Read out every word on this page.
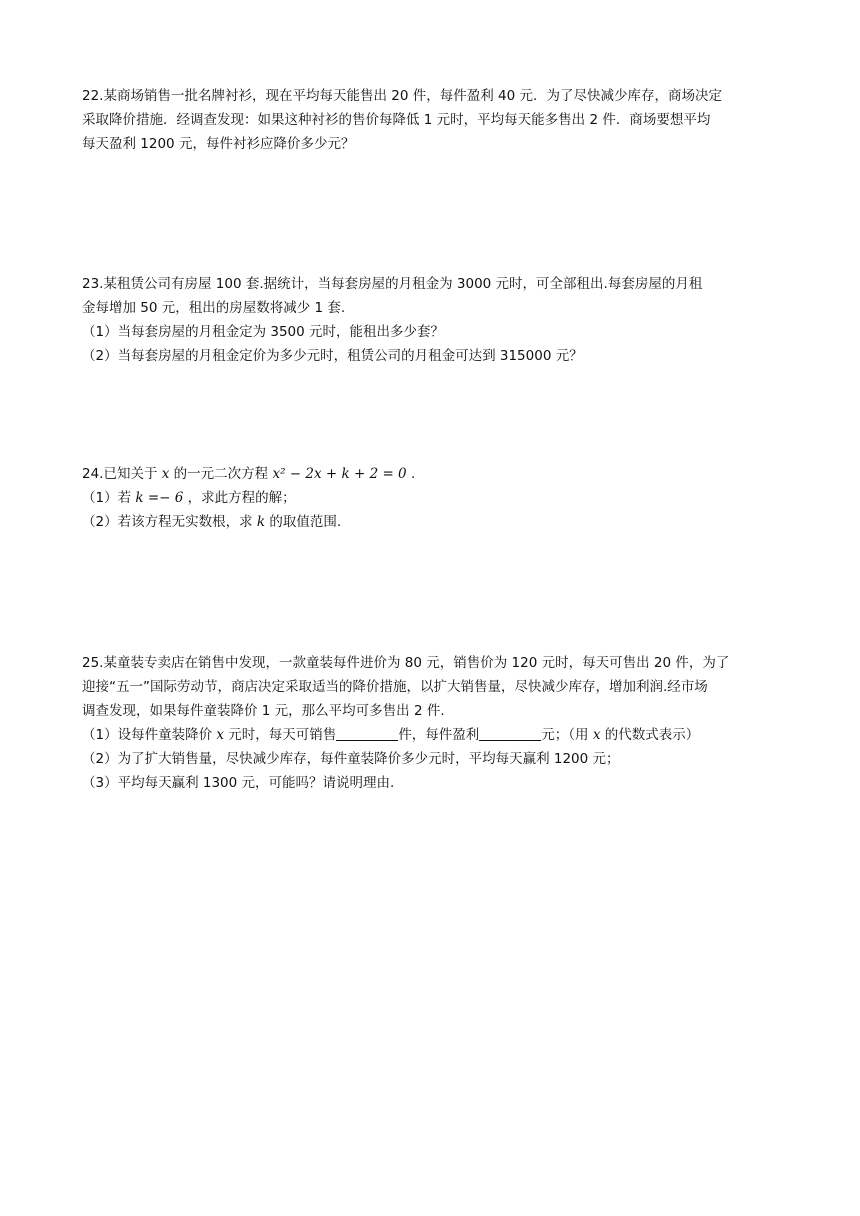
22.某商场销售一批名牌衬衫，现在平均每天能售出 20 件，每件盈利 40 元．为了尽快减少库存，商场决定
采取降价措施．经调查发现：如果这种衬衫的售价每降低 1 元时，平均每天能多售出 2 件．商场要想平均
每天盈利 1200 元，每件衬衫应降价多少元？
23.某租赁公司有房屋 100 套.据统计，当每套房屋的月租金为 3000 元时，可全部租出.每套房屋的月租
金每增加 50 元，租出的房屋数将减少 1 套.
（1）当每套房屋的月租金定为 3500 元时，能租出多少套？
（2）当每套房屋的月租金定价为多少元时，租赁公司的月租金可达到 315000 元？
24.已知关于 x 的一元二次方程 x² − 2x + k + 2 = 0 .
（1）若 k =− 6 ，求此方程的解；
（2）若该方程无实数根，求 k 的取值范围.
25.某童装专卖店在销售中发现，一款童装每件进价为 80 元，销售价为 120 元时，每天可售出 20 件，为了
迎接“五一”国际劳动节，商店决定采取适当的降价措施，以扩大销售量，尽快减少库存，增加利润.经市场
调查发现，如果每件童装降价 1 元，那么平均可多售出 2 件.
（1）设每件童装降价 x 元时，每天可销售	件，每件盈利	元；（用 x 的代数式表示）
（2）为了扩大销售量，尽快减少库存，每件童装降价多少元时，平均每天赢利 1200 元；
（3）平均每天赢利 1300 元，可能吗？请说明理由.
